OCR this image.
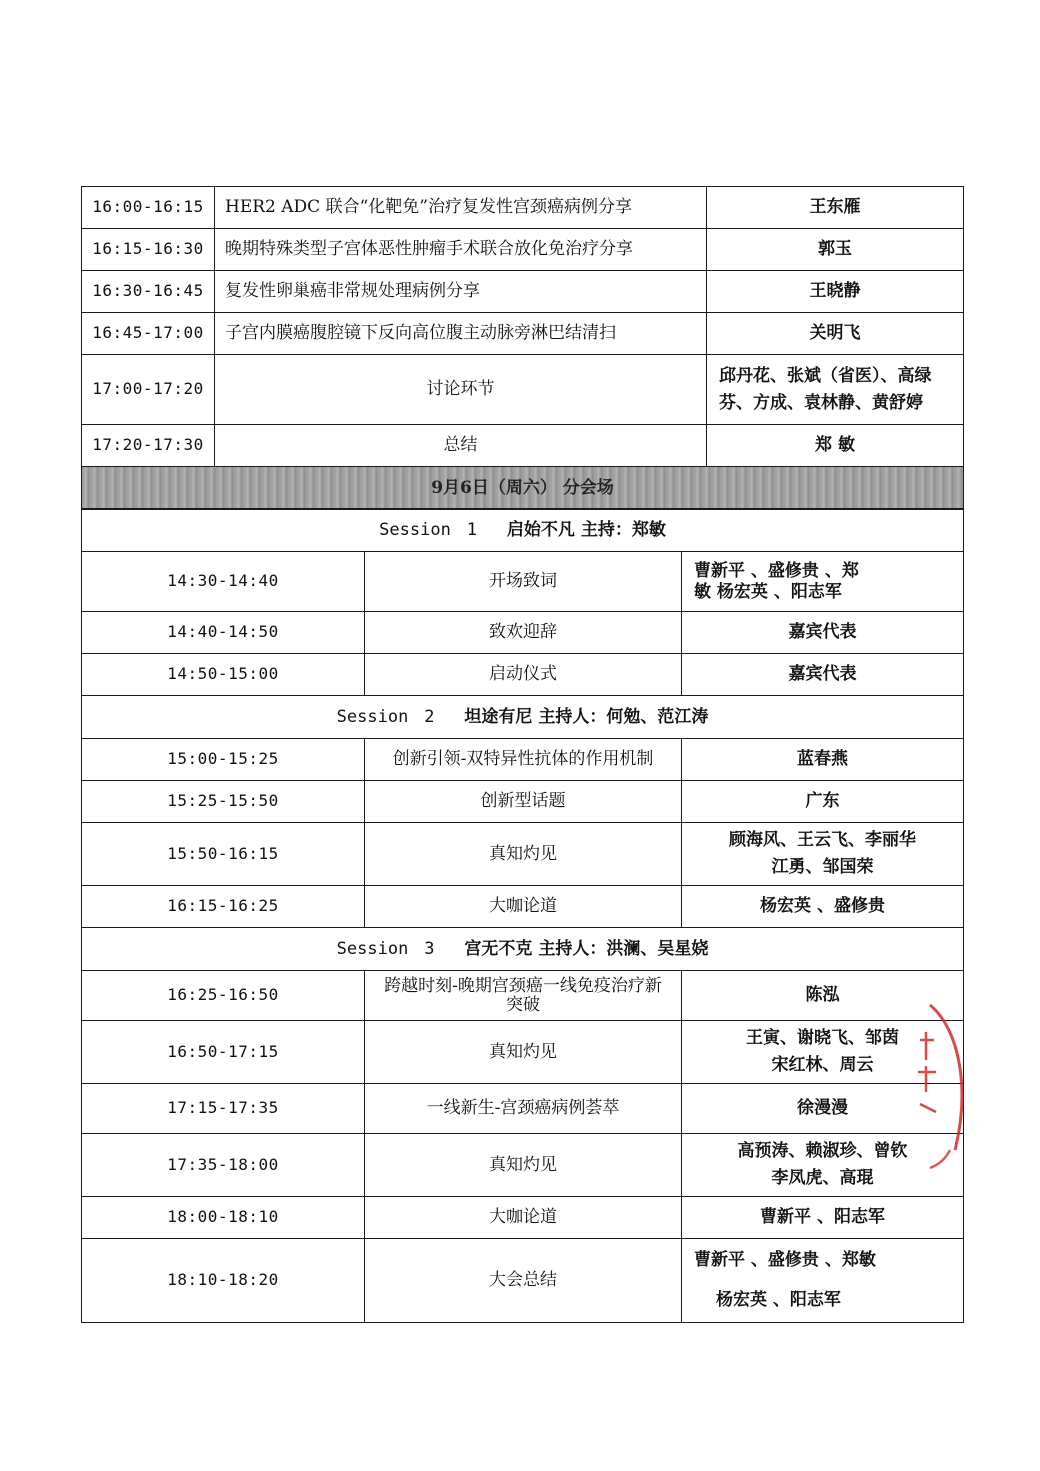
16:00-16:15	HER2 ADC 联合“化靶免”治疗复发性宫颈癌病例分享	王东雁
16:15-16:30	晚期特殊类型子宫体恶性肿瘤手术联合放化免治疗分享	郭玉
16:30-16:45	复发性卵巢癌非常规处理病例分享	王晓静
16:45-17:00	子宫内膜癌腹腔镜下反向高位腹主动脉旁淋巴结清扫	关明飞
17:00-17:20	讨论环节	邱丹花、张斌（省医）、高绿
芬、方成、袁林静、黄舒婷

17:20-17:30	总结	郑 敏
9月6日（周六） 分会场		
Session 1 启始不凡 主持：郑敏		
14:30-14:40	开场致词	曹新平 、盛修贵 、郑
敏 杨宏英 、阳志军

14:40-14:50	致欢迎辞	嘉宾代表
14:50-15:00	启动仪式	嘉宾代表
Session 2 坦途有尼 主持人：何勉、范江涛		
15:00-15:25	创新引领-双特异性抗体的作用机制	蓝春燕
15:25-15:50	创新型话题	广东
15:50-16:15	真知灼见	顾海风、王云飞、李丽华
江勇、邹国荣

16:15-16:25	大咖论道	杨宏英 、盛修贵
Session 3 宫无不克 主持人：洪澜、吴星娆		
16:25-16:50	跨越时刻-晚期宫颈癌一线免疫治疗新
突破	陈泓
16:50-17:15	真知灼见	王寅、谢晓飞、邹茵
宋红林、周云

17:15-17:35	一线新生-宫颈癌病例荟萃	徐漫漫
17:35-18:00	真知灼见	高预涛、赖淑珍、曾钦
李凤虎、高琨

18:00-18:10	大咖论道	曹新平 、阳志军
18:10-18:20	大会总结	曹新平 、盛修贵 、郑敏
杨宏英 、阳志军
